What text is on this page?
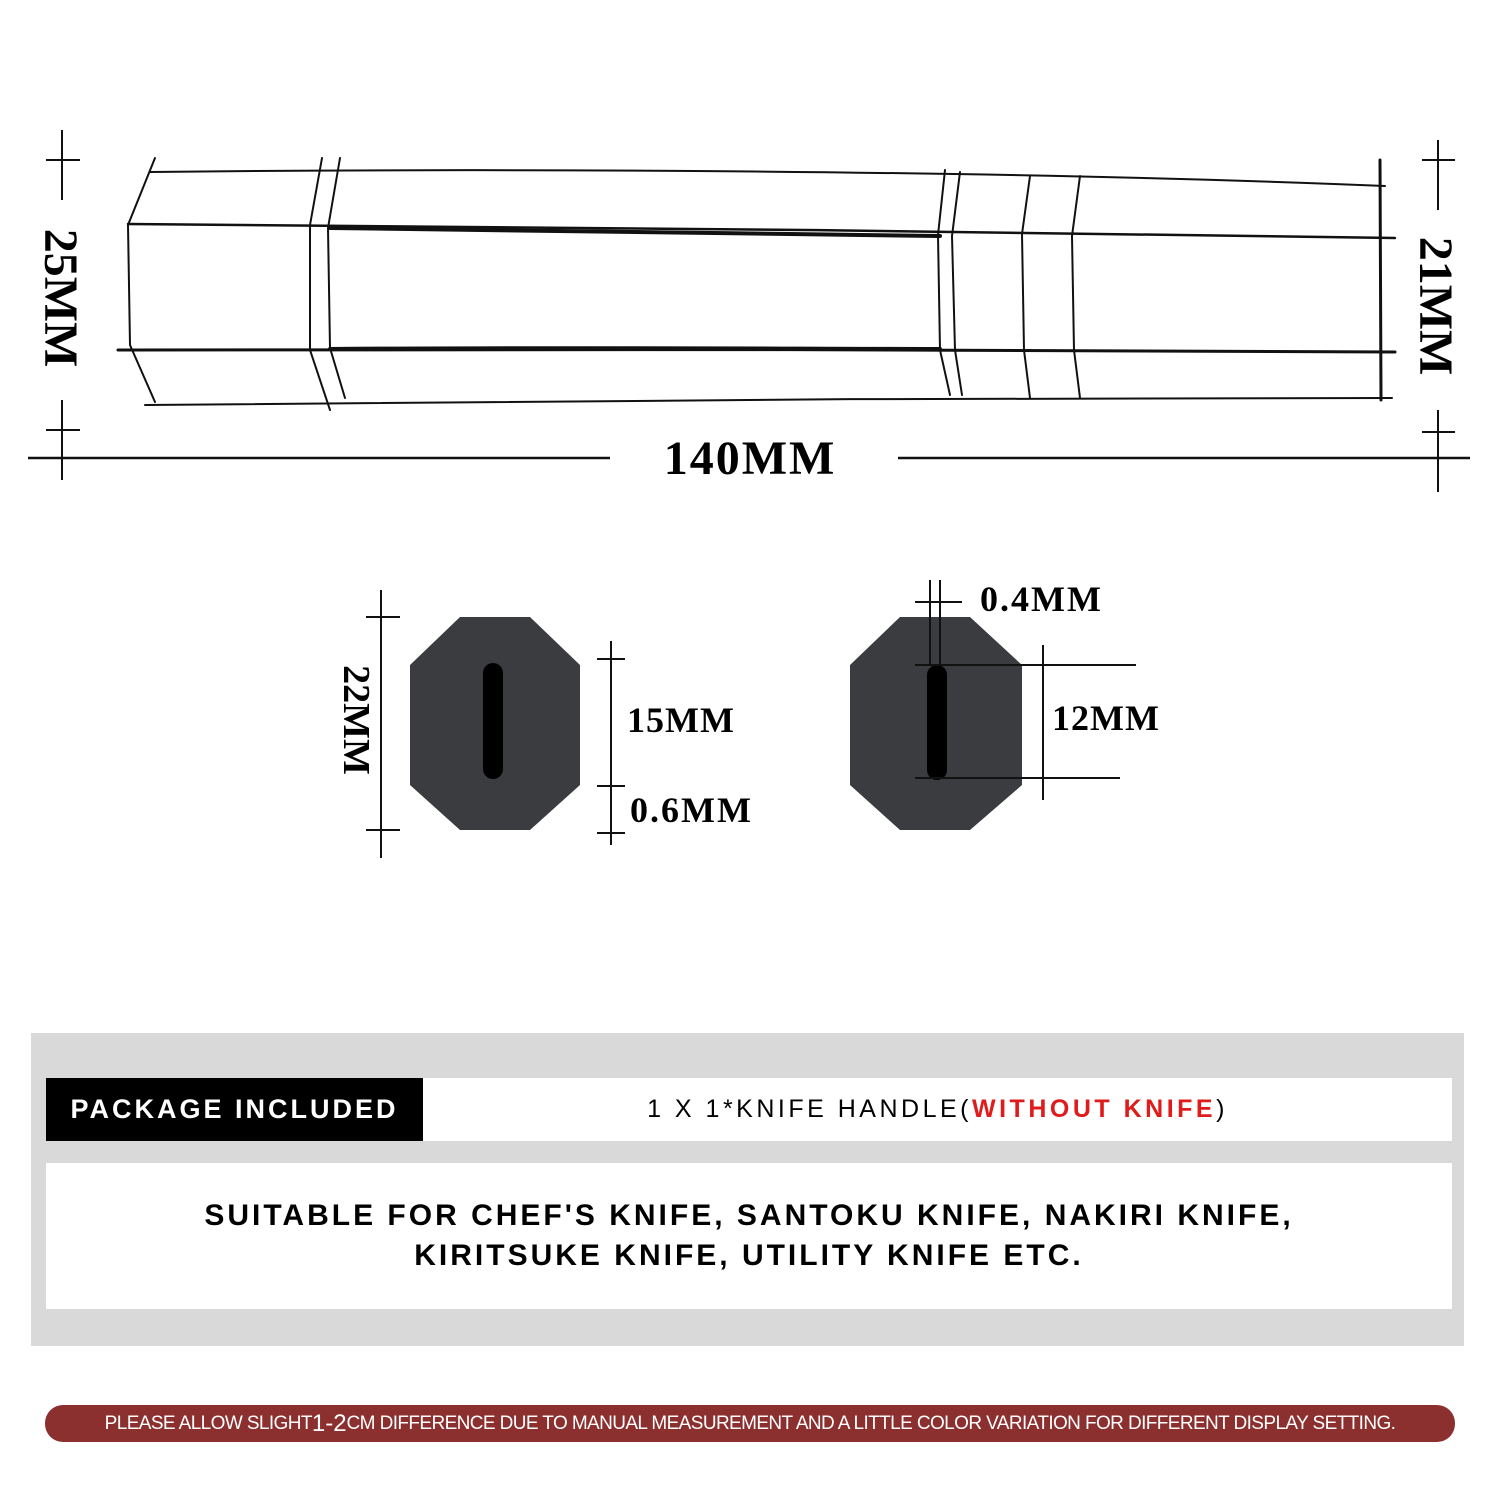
25MM	21MM
140MM
22MM	15MM
0.6MM
0.4MM
12MM
PACKAGE INCLUDED	1 X 1*KNIFE HANDLE( WITHOUT KNIFE )
SUITABLE FOR CHEF'S KNIFE, SANTOKU KNIFE, NAKIRI KNIFE,
KIRITSUKE KNIFE, UTILITY KNIFE ETC.
PLEASE ALLOW SLIGHT 1-2 CM DIFFERENCE DUE TO MANUAL MEASUREMENT AND A LITTLE COLOR VARIATION FOR DIFFERENT DISPLAY SETTING.
